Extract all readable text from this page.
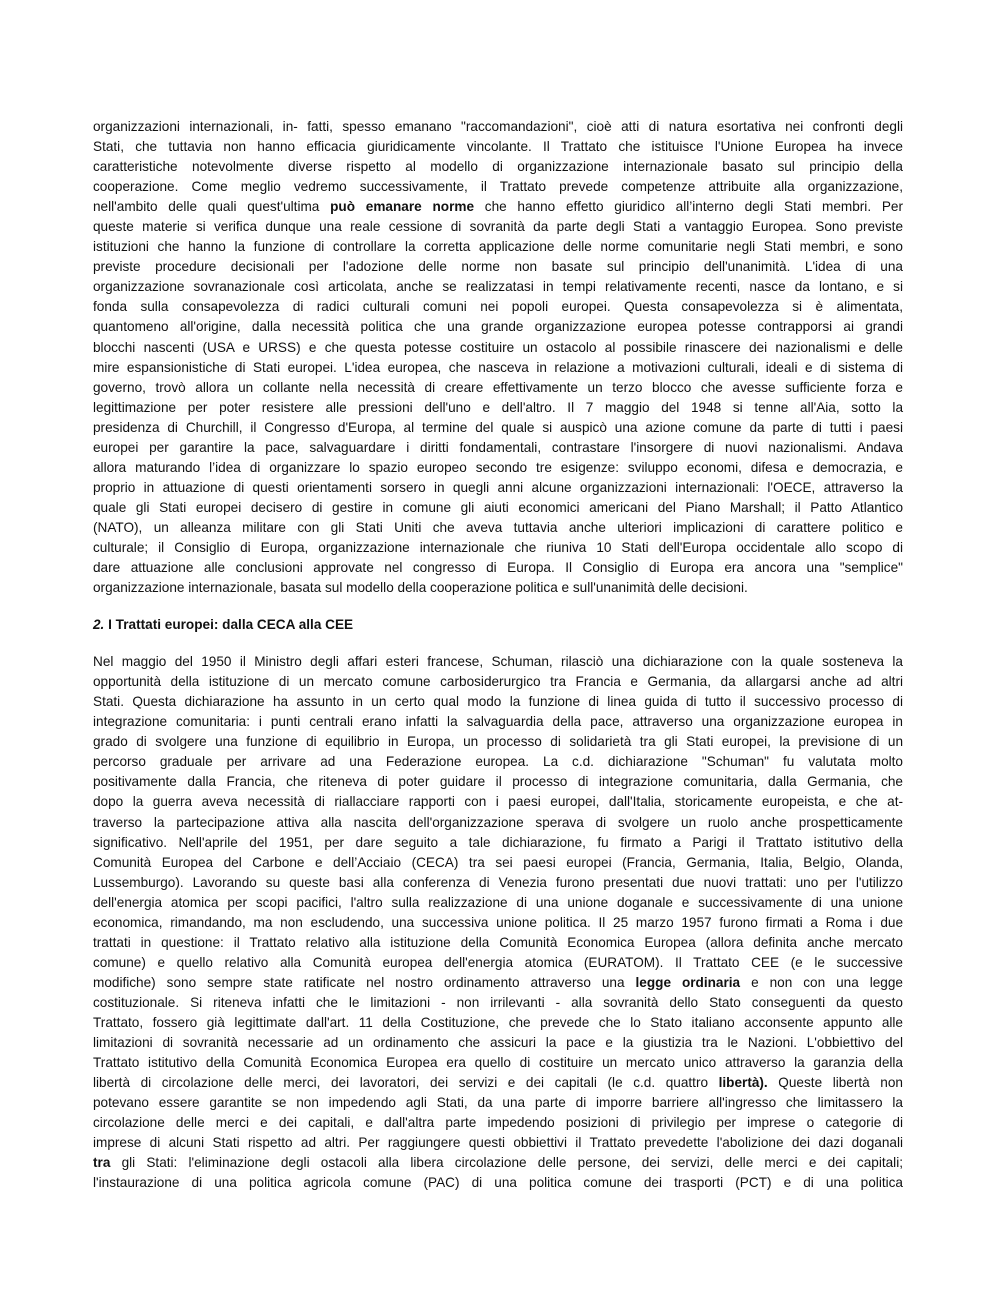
organizzazioni internazionali, in- fatti, spesso emanano "raccomandazioni", cioè atti di natura esortativa nei confronti degli
Stati, che tuttavia non hanno efficacia giuridicamente vincolante. Il Trattato che istituisce l'Unione Europea ha invece
caratteristiche notevolmente diverse rispetto al modello di organizzazione internazionale basato sul principio della
cooperazione. Come meglio vedremo successivamente, il Trattato prevede competenze attribuite alla organizzazione,
nell'ambito delle quali quest'ultima può emanare norme che hanno effetto giuridico all’interno degli Stati membri. Per
queste materie si verifica dunque una reale cessione di sovranità da parte degli Stati a vantaggio Europea. Sono previste
istituzioni che hanno la funzione di controllare la corretta applicazione delle norme comunitarie negli Stati membri, e sono
previste procedure decisionali per l'adozione delle norme non basate sul principio dell'unanimità. L'idea di una
organizzazione sovranazionale così articolata, anche se realizzatasi in tempi relativamente recenti, nasce da lontano, e si
fonda sulla consapevolezza di radici culturali comuni nei popoli europei. Questa consapevolezza si è alimentata,
quantomeno all'origine, dalla necessità politica che una grande organizzazione europea potesse contrapporsi ai grandi
blocchi nascenti (USA e URSS) e che questa potesse costituire un ostacolo al possibile rinascere dei nazionalismi e delle
mire espansionistiche di Stati europei. L'idea europea, che nasceva in relazione a motivazioni culturali, ideali e di sistema di
governo, trovò allora un collante nella necessità di creare effettivamente un terzo blocco che avesse sufficiente forza e
legittimazione per poter resistere alle pressioni dell'uno e dell'altro. Il 7 maggio del 1948 si tenne all'Aia, sotto la
presidenza di Churchill, il Congresso d'Europa, al termine del quale si auspicò una azione comune da parte di tutti i paesi
europei per garantire la pace, salvaguardare i diritti fondamentali, contrastare l'insorgere di nuovi nazionalismi. Andava
allora maturando l’idea di organizzare lo spazio europeo secondo tre esigenze: sviluppo economi, difesa e democrazia, e
proprio in attuazione di questi orientamenti sorsero in quegli anni alcune organizzazioni internazionali: l'OECE, attraverso la
quale gli Stati europei decisero di gestire in comune gli aiuti economici americani del Piano Marshall; il Patto Atlantico
(NATO), un alleanza militare con gli Stati Uniti che aveva tuttavia anche ulteriori implicazioni di carattere politico e
culturale; il Consiglio di Europa, organizzazione internazionale che riuniva 10 Stati dell'Europa occidentale allo scopo di
dare attuazione alle conclusioni approvate nel congresso di Europa. Il Consiglio di Europa era ancora una "semplice"
organizzazione internazionale, basata sul modello della cooperazione politica e sull'unanimità delle decisioni.
2. I Trattati europei: dalla CECA alla CEE
Nel maggio del 1950 il Ministro degli affari esteri francese, Schuman, rilasciò una dichiarazione con la quale sosteneva la
opportunità della istituzione di un mercato comune carbosiderurgico tra Francia e Germania, da allargarsi anche ad altri
Stati. Questa dichiarazione ha assunto in un certo qual modo la funzione di linea guida di tutto il successivo processo di
integrazione comunitaria: i punti centrali erano infatti la salvaguardia della pace, attraverso una organizzazione europea in
grado di svolgere una funzione di equilibrio in Europa, un processo di solidarietà tra gli Stati europei, la previsione di un
percorso graduale per arrivare ad una Federazione europea. La c.d. dichiarazione "Schuman" fu valutata molto
positivamente dalla Francia, che riteneva di poter guidare il processo di integrazione comunitaria, dalla Germania, che
dopo la guerra aveva necessità di riallacciare rapporti con i paesi europei, dall'Italia, storicamente europeista, e che at-
traverso la partecipazione attiva alla nascita dell'organizzazione sperava di svolgere un ruolo anche prospetticamente
significativo. Nell'aprile del 1951, per dare seguito a tale dichiarazione, fu firmato a Parigi il Trattato istitutivo della
Comunità Europea del Carbone e dell’Acciaio (CECA) tra sei paesi europei (Francia, Germania, Italia, Belgio, Olanda,
Lussemburgo). Lavorando su queste basi alla conferenza di Venezia furono presentati due nuovi trattati: uno per l'utilizzo
dell'energia atomica per scopi pacifici, l'altro sulla realizzazione di una unione doganale e successivamente di una unione
economica, rimandando, ma non escludendo, una successiva unione politica. Il 25 marzo 1957 furono firmati a Roma i due
trattati in questione: il Trattato relativo alla istituzione della Comunità Economica Europea (allora definita anche mercato
comune) e quello relativo alla Comunità europea dell'energia atomica (EURATOM). Il Trattato CEE (e le successive
modifiche) sono sempre state ratificate nel nostro ordinamento attraverso una legge ordinaria e non con una legge
costituzionale. Si riteneva infatti che le limitazioni - non irrilevanti - alla sovranità dello Stato conseguenti da questo
Trattato, fossero già legittimate dall'art. 11 della Costituzione, che prevede che lo Stato italiano acconsente appunto alle
limitazioni di sovranità necessarie ad un ordinamento che assicuri la pace e la giustizia tra le Nazioni. L'obbiettivo del
Trattato istitutivo della Comunità Economica Europea era quello di costituire un mercato unico attraverso la garanzia della
libertà di circolazione delle merci, dei lavoratori, dei servizi e dei capitali (le c.d. quattro libertà). Queste libertà non
potevano essere garantite se non impedendo agli Stati, da una parte di imporre barriere all'ingresso che limitassero la
circolazione delle merci e dei capitali, e dall'altra parte impedendo posizioni di privilegio per imprese o categorie di
imprese di alcuni Stati rispetto ad altri. Per raggiungere questi obbiettivi il Trattato prevedette l'abolizione dei dazi doganali
tra gli Stati: l'eliminazione degli ostacoli alla libera circolazione delle persone, dei servizi, delle merci e dei capitali;
l'instaurazione di una politica agricola comune (PAC) di una politica comune dei trasporti (PCT) e di una politica
